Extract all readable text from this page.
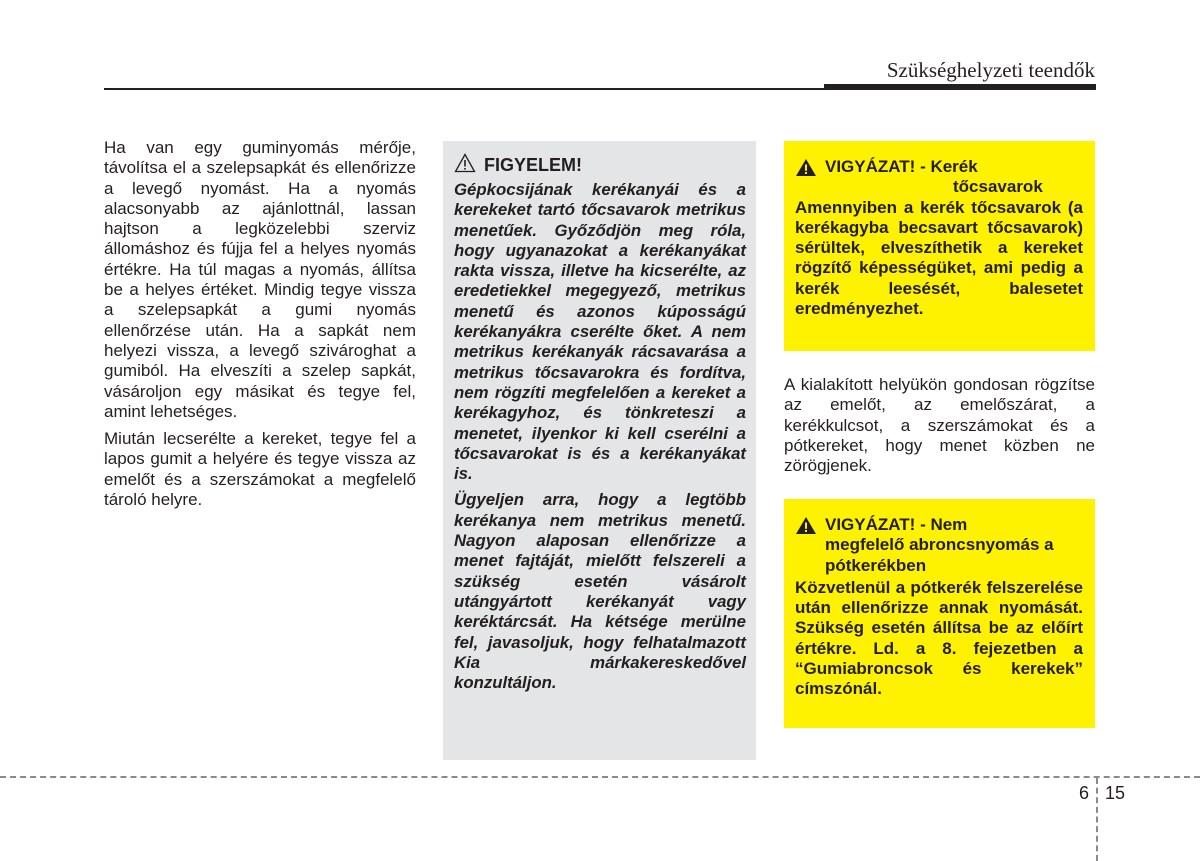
Szükséghelyzeti teendők

Ha van egy guminyomás mérője, távolítsa el a szelepsapkát és ellenőrizze a levegő nyomást. Ha a nyomás alacsonyabb az ajánlottnál, lassan hajtson a legközelebbi szerviz állomáshoz és fújja fel a helyes nyomás értékre. Ha túl magas a nyomás, állítsa be a helyes értéket. Mindig tegye vissza a szelepsapkát a gumi nyomás ellenőrzése után. Ha a sapkát nem helyezi vissza, a levegő szivároghat a gumiból. Ha elveszíti a szelep sapkát, vásároljon egy másikat és tegye fel, amint lehetséges.

Miután lecserélte a kereket, tegye fel a lapos gumit a helyére és tegye vissza az emelőt és a szerszámokat a megfelelő tároló helyre.

FIGYELEM!

Gépkocsijának kerékanyái és a kerekeket tartó tőcsavarok metrikus menetűek. Győződjön meg róla, hogy ugyanazokat a kerékanyákat rakta vissza, illetve ha kicserélte, az eredetiekkel megegyező, metrikus menetű és azonos kúposságú kerékanyákra cserélte őket. A nem metrikus kerékanyák rácsavarása a metrikus tőcsavarokra és fordítva, nem rögzíti megfelelően a kereket a kerékagyhoz, és tönkreteszi a menetet, ilyenkor ki kell cserélni a tőcsavarokat is és a kerékanyákat is.

Ügyeljen arra, hogy a legtöbb kerékanya nem metrikus menetű. Nagyon alaposan ellenőrizze a menet fajtáját, mielőtt felszereli a szükség esetén vásárolt utángyártott kerékanyát vagy keréktárcsát. Ha kétsége merülne fel, javasoljuk, hogy felhatalmazott Kia márkakereskedővel konzultáljon.

VIGYÁZAT! - Kerék
tőcsavarok

Amennyiben a kerék tőcsavarok (a kerékagyba becsavart tőcsavarok) sérültek, elveszíthetik a kereket rögzítő képességüket, ami pedig a kerék leesését, balesetet eredményezhet.

A kialakított helyükön gondosan rögzítse az emelőt, az emelőszárat, a kerékkulcsot, a szerszámokat és a pótkereket, hogy menet közben ne zörögjenek.

VIGYÁZAT! - Nem
megfelelő abroncsnyomás a
pótkerékben

Közvetlenül a pótkerék felszerelése után ellenőrizze annak nyomását. Szükség esetén állítsa be az előírt értékre. Ld. a 8. fejezetben a “Gumiabroncsok és kerekek” címszónál.

6 15
